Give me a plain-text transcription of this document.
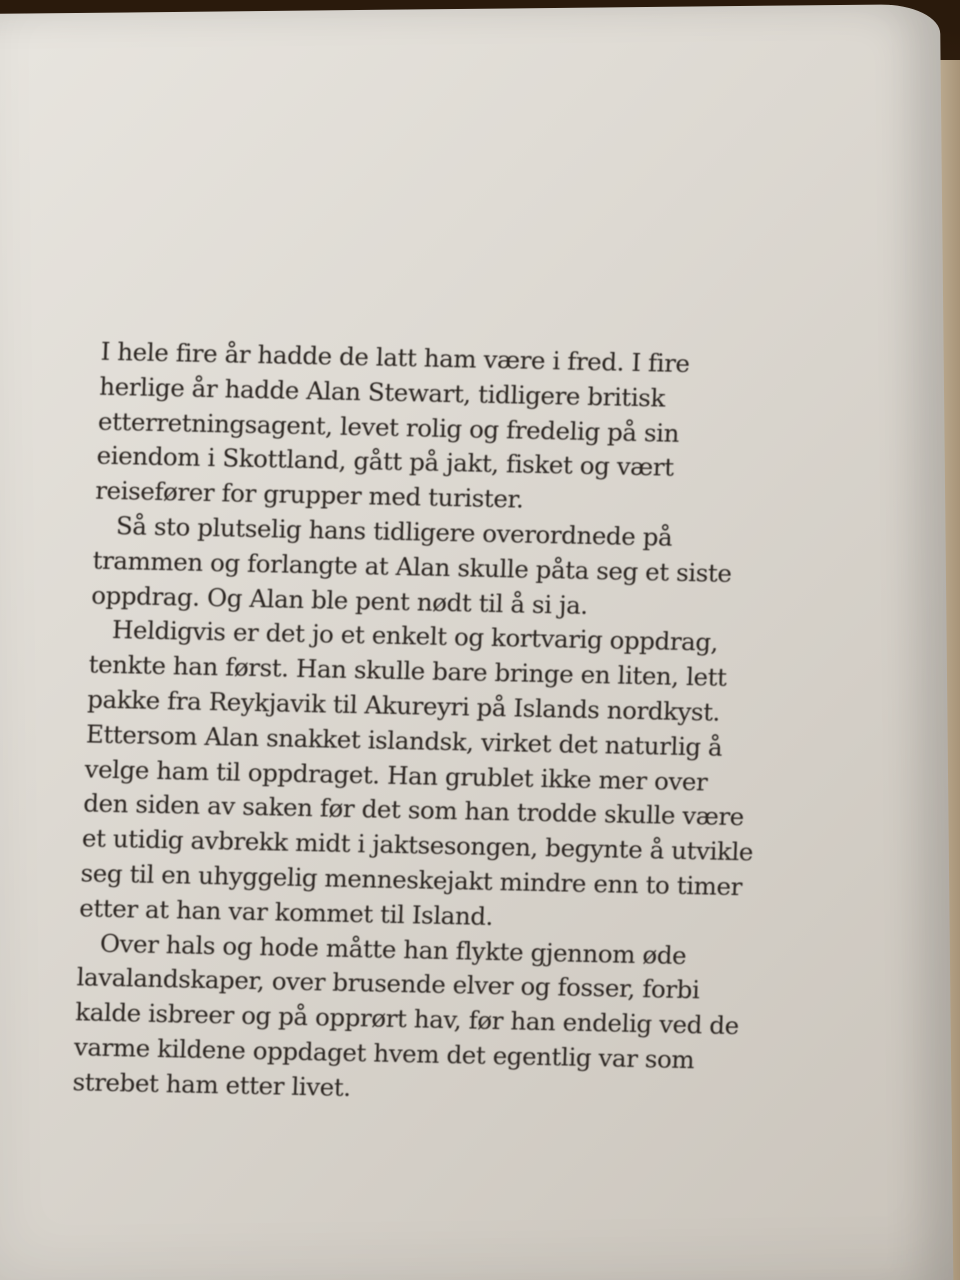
I hele fire år hadde de latt ham være i fred. I fire
herlige år hadde Alan Stewart, tidligere britisk
etterretningsagent, levet rolig og fredelig på sin
eiendom i Skottland, gått på jakt, fisket og vært
reisefører for grupper med turister.

Så sto plutselig hans tidligere overordnede på
trammen og forlangte at Alan skulle påta seg et siste
oppdrag. Og Alan ble pent nødt til å si ja.

Heldigvis er det jo et enkelt og kortvarig oppdrag,
tenkte han først. Han skulle bare bringe en liten, lett
pakke fra Reykjavik til Akureyri på Islands nordkyst.
Ettersom Alan snakket islandsk, virket det naturlig å
velge ham til oppdraget. Han grublet ikke mer over
den siden av saken før det som han trodde skulle være
et utidig avbrekk midt i jaktsesongen, begynte å utvikle
seg til en uhyggelig menneskejakt mindre enn to timer
etter at han var kommet til Island.

Over hals og hode måtte han flykte gjennom øde
lavalandskaper, over brusende elver og fosser, forbi
kalde isbreer og på opprørt hav, før han endelig ved de
varme kildene oppdaget hvem det egentlig var som
strebet ham etter livet.
